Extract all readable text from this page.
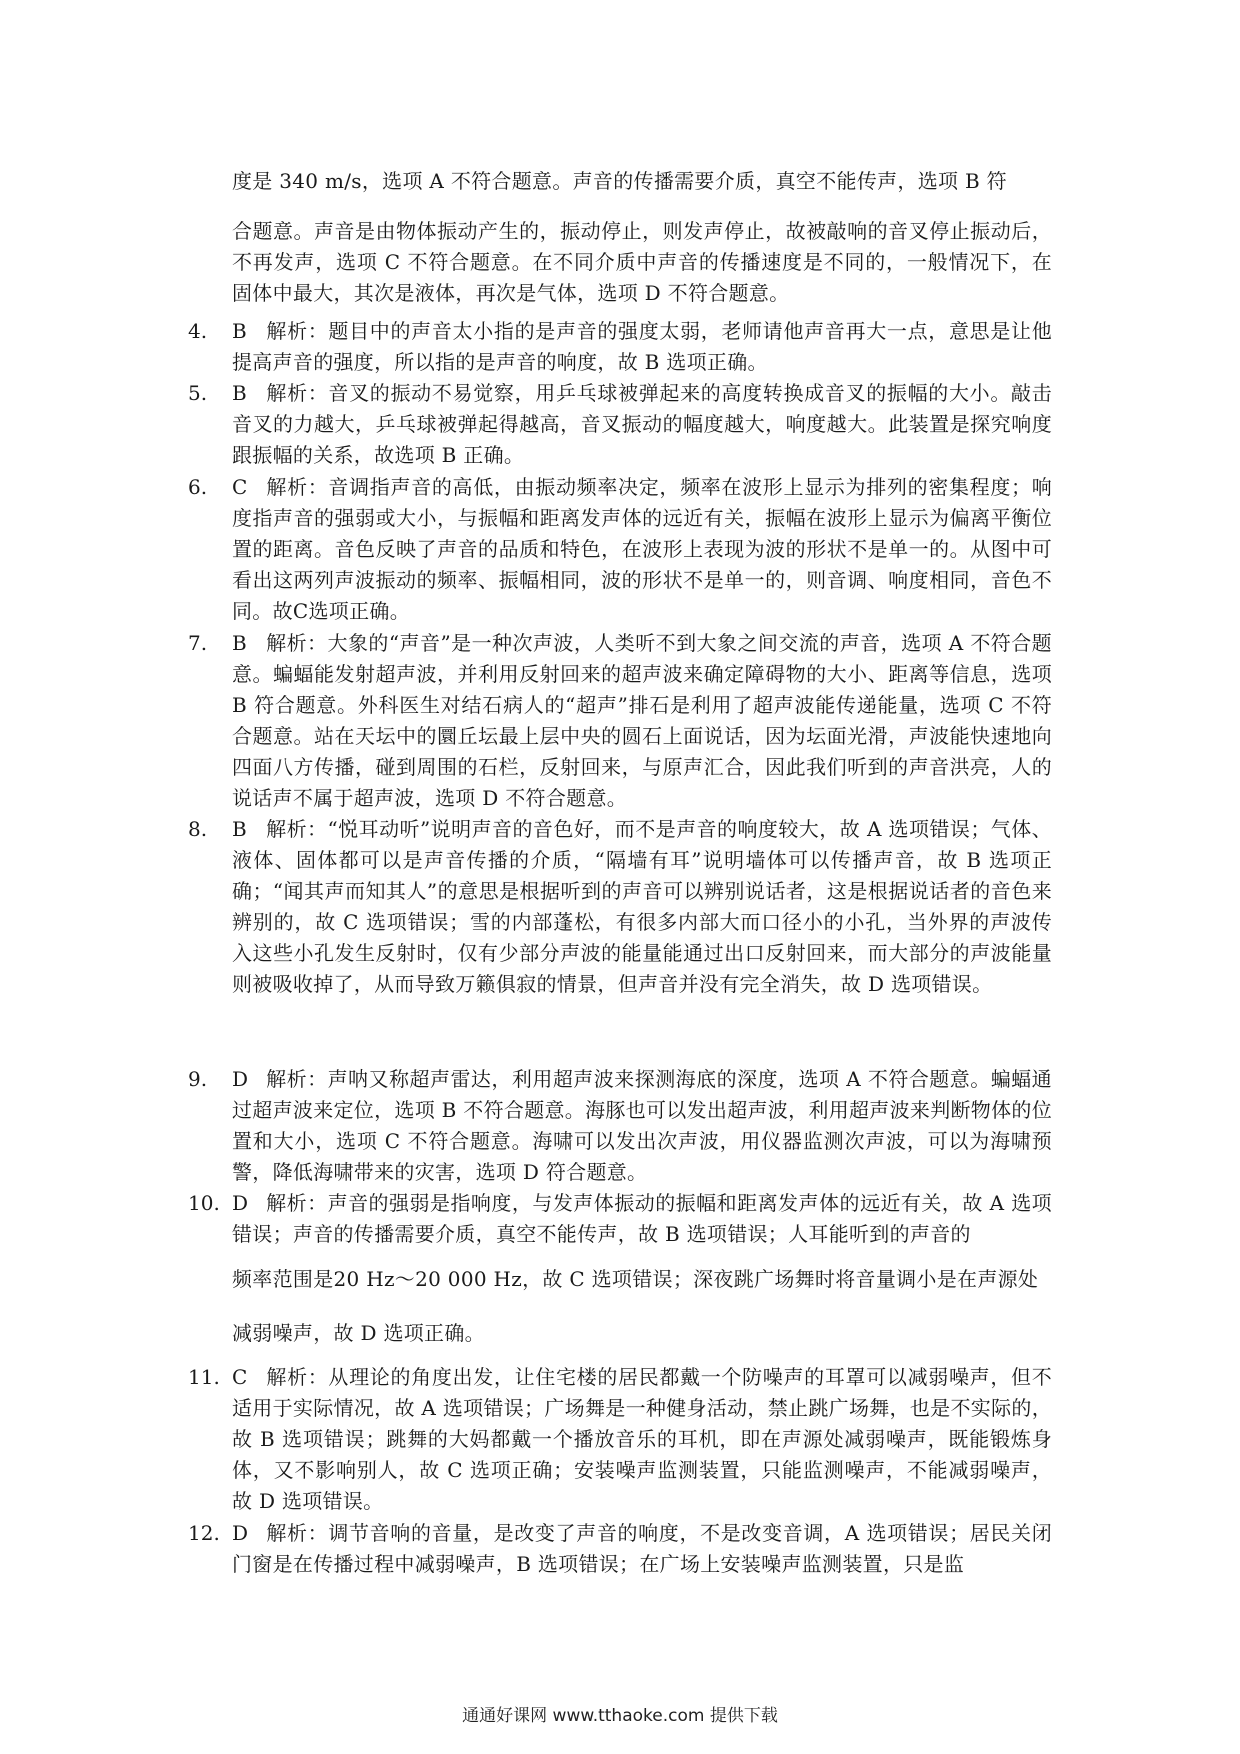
度是 340 m/s，选项 A 不符合题意。声音的传播需要介质，真空不能传声，选项 B 符
合题意。声音是由物体振动产生的，振动停止，则发声停止，故被敲响的音叉停止振动后，不再发声，选项 C 不符合题意。在不同介质中声音的传播速度是不同的，一般情况下，在固体中最大，其次是液体，再次是气体，选项 D 不符合题意。
4.	B 解析：题目中的声音太小指的是声音的强度太弱，老师请他声音再大一点，意思是让他提高声音的强度，所以指的是声音的响度，故 B 选项正确。
5.	B 解析：音叉的振动不易觉察，用乒乓球被弹起来的高度转换成音叉的振幅的大小。敲击音叉的力越大，乒乓球被弹起得越高，音叉振动的幅度越大，响度越大。此装置是探究响度跟振幅的关系，故选项 B 正确。
6.	C 解析：音调指声音的高低，由振动频率决定，频率在波形上显示为排列的密集程度；响度指声音的强弱或大小，与振幅和距离发声体的远近有关，振幅在波形上显示为偏离平衡位置的距离。音色反映了声音的品质和特色，在波形上表现为波的形状不是单一的。从图中可看出这两列声波振动的频率、振幅相同，波的形状不是单一的，则音调、响度相同，音色不同。故C选项正确。
7.	B 解析：大象的“声音”是一种次声波，人类听不到大象之间交流的声音，选项 A 不符合题意。蝙蝠能发射超声波，并利用反射回来的超声波来确定障碍物的大小、距离等信息，选项 B 符合题意。外科医生对结石病人的“超声”排石是利用了超声波能传递能量，选项 C 不符合题意。站在天坛中的圜丘坛最上层中央的圆石上面说话，因为坛面光滑，声波能快速地向四面八方传播，碰到周围的石栏，反射回来，与原声汇合，因此我们听到的声音洪亮，人的说话声不属于超声波，选项 D 不符合题意。
8.	B 解析：“悦耳动听”说明声音的音色好，而不是声音的响度较大，故 A 选项错误；气体、液体、固体都可以是声音传播的介质，“隔墙有耳”说明墙体可以传播声音，故 B 选项正确；“闻其声而知其人”的意思是根据听到的声音可以辨别说话者，这是根据说话者的音色来辨别的，故 C 选项错误；雪的内部蓬松，有很多内部大而口径小的小孔，当外界的声波传入这些小孔发生反射时，仅有少部分声波的能量能通过出口反射回来，而大部分的声波能量则被吸收掉了，从而导致万籁俱寂的情景，但声音并没有完全消失，故 D 选项错误。
9.	D 解析：声呐又称超声雷达，利用超声波来探测海底的深度，选项 A 不符合题意。蝙蝠通过超声波来定位，选项 B 不符合题意。海豚也可以发出超声波，利用超声波来判断物体的位置和大小，选项 C 不符合题意。海啸可以发出次声波，用仪器监测次声波，可以为海啸预警，降低海啸带来的灾害，选项 D 符合题意。
10. D 解析：声音的强弱是指响度，与发声体振动的振幅和距离发声体的远近有关，故 A 选项错误；声音的传播需要介质，真空不能传声，故 B 选项错误；人耳能听到的声音的
频率范围是20 Hz～20 000 Hz，故 C 选项错误；深夜跳广场舞时将音量调小是在声源处
减弱噪声，故 D 选项正确。
11. C 解析：从理论的角度出发，让住宅楼的居民都戴一个防噪声的耳罩可以减弱噪声，但不适用于实际情况，故 A 选项错误；广场舞是一种健身活动，禁止跳广场舞，也是不实际的，故 B 选项错误；跳舞的大妈都戴一个播放音乐的耳机，即在声源处减弱噪声，既能锻炼身体，又不影响别人，故 C 选项正确；安装噪声监测装置，只能监测噪声，不能减弱噪声，故 D 选项错误。
12. D 解析：调节音响的音量，是改变了声音的响度，不是改变音调，A 选项错误；居民关闭门窗是在传播过程中减弱噪声，B 选项错误；在广场上安装噪声监测装置，只是监
通通好课网 www.tthaoke.com 提供下载
